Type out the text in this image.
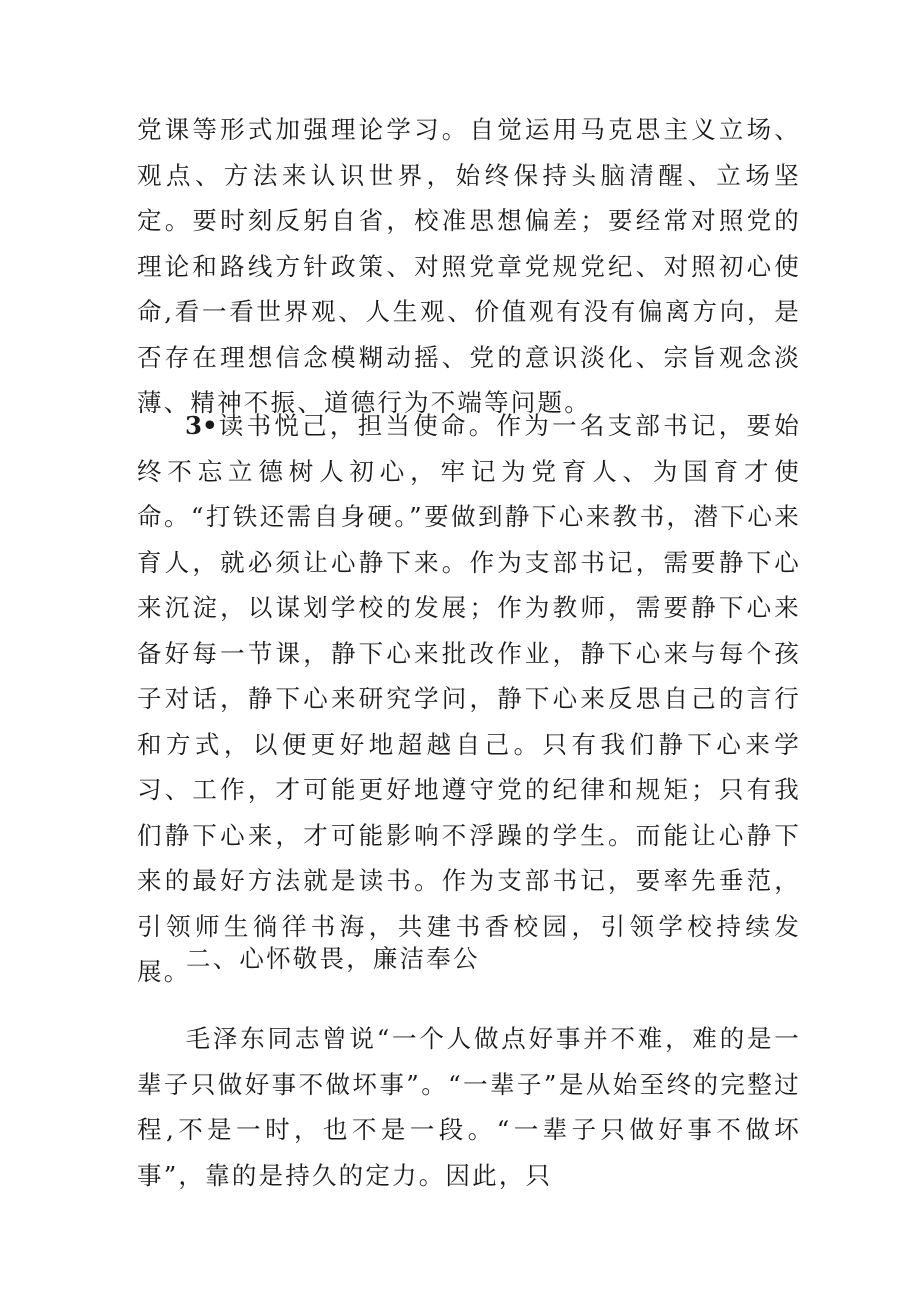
党课等形式加强理论学习。自觉运用马克思主义立场、观点、方法来认识世界，始终保持头脑清醒、立场坚定。要时刻反躬自省，校准思想偏差；要经常对照党的理论和路线方针政策、对照党章党规党纪、对照初心使命,看一看世界观、人生观、价值观有没有偏离方向，是否存在理想信念模糊动摇、党的意识淡化、宗旨观念淡薄、精神不振、道德行为不端等问题。
3•读书悦己，担当使命。作为一名支部书记，要始终不忘立德树人初心，牢记为党育人、为国育才使命。“打铁还需自身硬。”要做到静下心来教书，潜下心来育人，就必须让心静下来。作为支部书记，需要静下心来沉淀，以谋划学校的发展；作为教师，需要静下心来备好每一节课，静下心来批改作业，静下心来与每个孩子对话，静下心来研究学问，静下心来反思自己的言行和方式，以便更好地超越自己。只有我们静下心来学习、工作，才可能更好地遵守党的纪律和规矩；只有我们静下心来，才可能影响不浮躁的学生。而能让心静下来的最好方法就是读书。作为支部书记，要率先垂范，引领师生徜徉书海，共建书香校园，引领学校持续发展。
二、心怀敬畏，廉洁奉公
毛泽东同志曾说“一个人做点好事并不难，难的是一辈子只做好事不做坏事”。“一辈子”是从始至终的完整过程,不是一时，也不是一段。“一辈子只做好事不做坏事”，靠的是持久的定力。因此，只
